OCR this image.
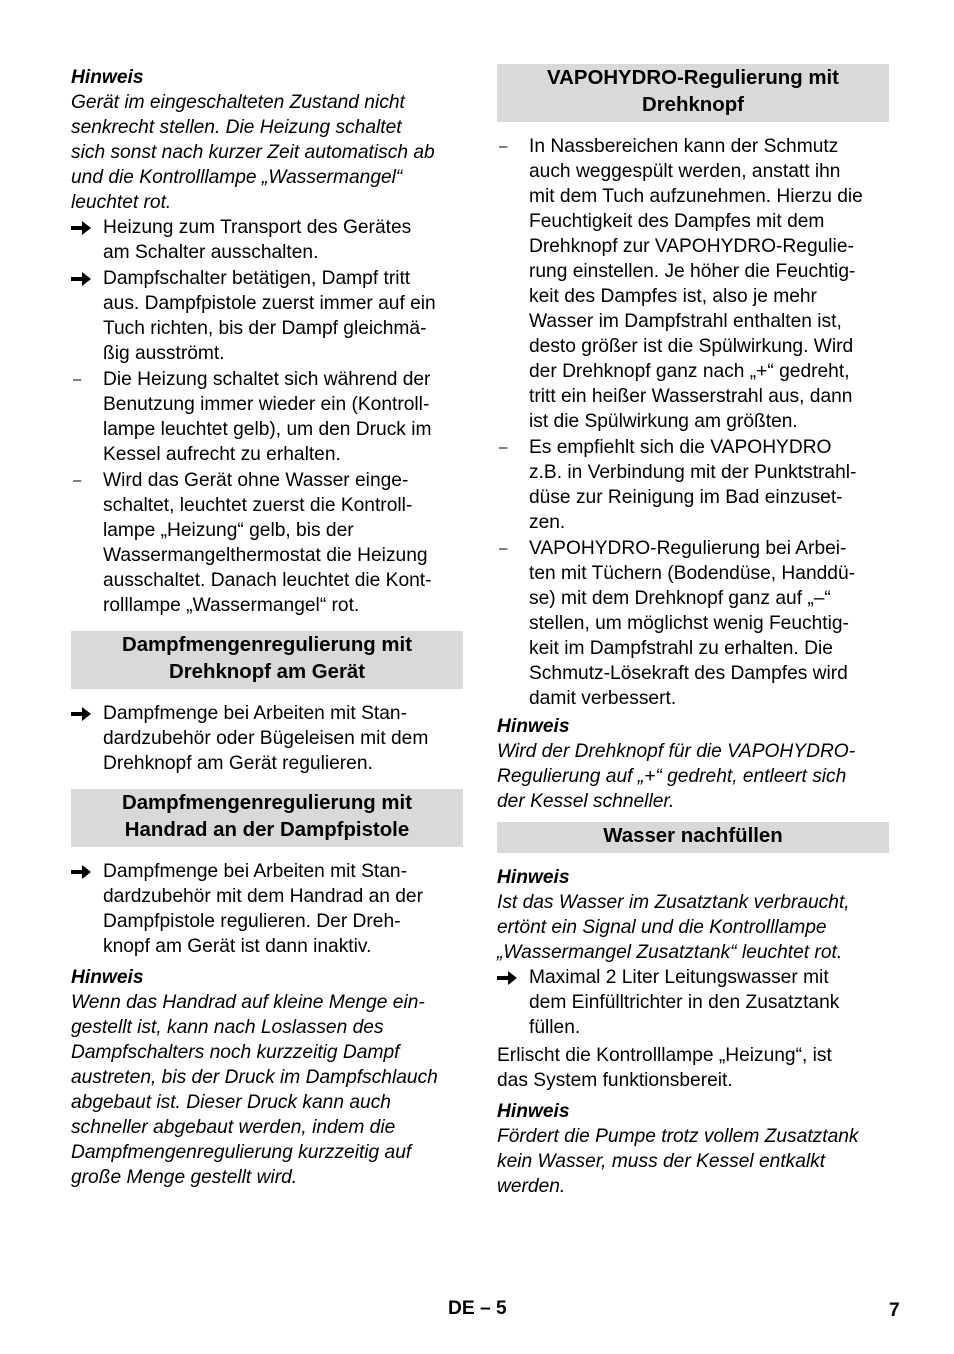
Hinweis

Gerät im eingeschalteten Zustand nicht
senkrecht stellen. Die Heizung schaltet
sich sonst nach kurzer Zeit automatisch ab
und die Kontrolllampe „Wassermangel“
leuchtet rot.

Heizung zum Transport des Gerätes
am Schalter ausschalten.
Dampfschalter betätigen, Dampf tritt
aus. Dampfpistole zuerst immer auf ein
Tuch richten, bis der Dampf gleichmä-
ßig ausströmt.
–	Die Heizung schaltet sich während der
Benutzung immer wieder ein (Kontroll-
lampe leuchtet gelb), um den Druck im
Kessel aufrecht zu erhalten.
–	Wird das Gerät ohne Wasser einge-
schaltet, leuchtet zuerst die Kontroll-
lampe „Heizung“ gelb, bis der
Wassermangelthermostat die Heizung
ausschaltet. Danach leuchtet die Kont-
rolllampe „Wassermangel“ rot.
Dampfmengenregulierung mit
Drehknopf am Gerät
Dampfmenge bei Arbeiten mit Stan-
dardzubehör oder Bügeleisen mit dem
Drehknopf am Gerät regulieren.
Dampfmengenregulierung mit
Handrad an der Dampfpistole
Dampfmenge bei Arbeiten mit Stan-
dardzubehör mit dem Handrad an der
Dampfpistole regulieren. Der Dreh-
knopf am Gerät ist dann inaktiv.

Hinweis

Wenn das Handrad auf kleine Menge ein-
gestellt ist, kann nach Loslassen des
Dampfschalters noch kurzzeitig Dampf
austreten, bis der Druck im Dampfschlauch
abgebaut ist. Dieser Druck kann auch
schneller abgebaut werden, indem die
Dampfmengenregulierung kurzzeitig auf
große Menge gestellt wird.

VAPOHYDRO-Regulierung mit
Drehknopf
–	In Nassbereichen kann der Schmutz
auch weggespült werden, anstatt ihn
mit dem Tuch aufzunehmen. Hierzu die
Feuchtigkeit des Dampfes mit dem
Drehknopf zur VAPOHYDRO-Regulie-
rung einstellen. Je höher die Feuchtig-
keit des Dampfes ist, also je mehr
Wasser im Dampfstrahl enthalten ist,
desto größer ist die Spülwirkung. Wird
der Drehknopf ganz nach „+“ gedreht,
tritt ein heißer Wasserstrahl aus, dann
ist die Spülwirkung am größten.
–	Es empfiehlt sich die VAPOHYDRO
z.B. in Verbindung mit der Punktstrahl-
düse zur Reinigung im Bad einzuset-
zen.
–	VAPOHYDRO-Regulierung bei Arbei-
ten mit Tüchern (Bodendüse, Handdü-
se) mit dem Drehknopf ganz auf „–“
stellen, um möglichst wenig Feuchtig-
keit im Dampfstrahl zu erhalten. Die
Schmutz-Lösekraft des Dampfes wird
damit verbessert.

Hinweis

Wird der Drehknopf für die VAPOHYDRO-
Regulierung auf „+“ gedreht, entleert sich
der Kessel schneller.

Wasser nachfüllen

Hinweis

Ist das Wasser im Zusatztank verbraucht,
ertönt ein Signal und die Kontrolllampe
„Wassermangel Zusatztank“ leuchtet rot.

Maximal 2 Liter Leitungswasser mit
dem Einfülltrichter in den Zusatztank
füllen.

Erlischt die Kontrolllampe „Heizung“, ist
das System funktionsbereit.

Hinweis

Fördert die Pumpe trotz vollem Zusatztank
kein Wasser, muss der Kessel entkalkt
werden.

DE – 5	7
